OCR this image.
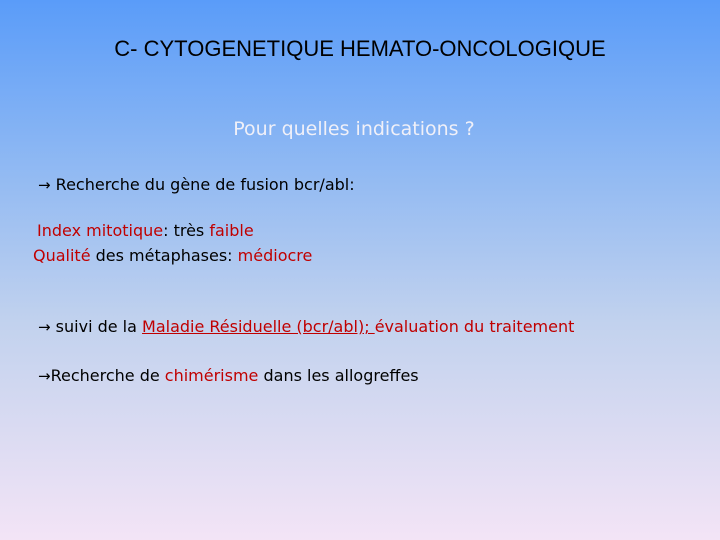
C- CYTOGENETIQUE HEMATO-ONCOLOGIQUE
Pour quelles indications ?
→ Recherche du gène de fusion bcr/abl:
Index mitotique: très faible
Qualité des métaphases: médiocre
→ suivi de la Maladie Résiduelle (bcr/abl); évaluation du traitement
→Recherche de chimérisme dans les allogreffes
